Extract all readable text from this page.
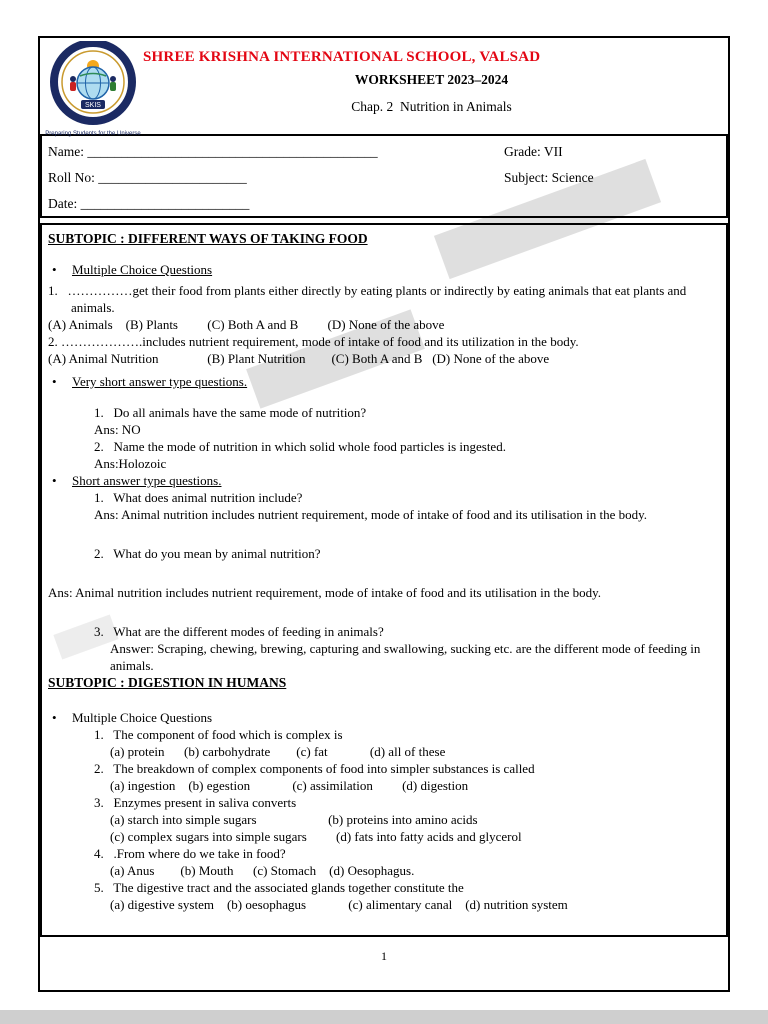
SKIS
Preparing Students for the Universe
SHREE KRISHNA INTERNATIONAL SCHOOL, VALSAD
WORKSHEET 2023–2024
Chap. 2  Nutrition in Animals
Name: ___________________________________________	Grade: VII
Roll No: ______________________	Subject: Science
Date: _________________________
SUBTOPIC : DIFFERENT WAYS OF TAKING FOOD
•	Multiple Choice Questions
1.   ……………get their food from plants either directly by eating plants or indirectly by eating animals that eat plants and animals.
(A) Animals    (B) Plants         (C) Both A and B         (D) None of the above
2. ……………….includes nutrient requirement, mode of intake of food and its utilization in the body.
(A) Animal Nutrition               (B) Plant Nutrition        (C) Both A and B   (D) None of the above
•	Very short answer type questions.
1.   Do all animals have the same mode of nutrition?
Ans: NO
2.   Name the mode of nutrition in which solid whole food particles is ingested.
Ans:Holozoic
•	Short answer type questions.
1.   What does animal nutrition include?
Ans: Animal nutrition includes nutrient requirement, mode of intake of food and its utilisation in the body.
2.   What do you mean by animal nutrition?
Ans: Animal nutrition includes nutrient requirement, mode of intake of food and its utilisation in the body.
3.   What are the different modes of feeding in animals?
Answer: Scraping, chewing, brewing, capturing and swallowing, sucking etc. are the different mode of feeding in animals.
SUBTOPIC : DIGESTION IN HUMANS
•	Multiple Choice Questions
1.   The component of food which is complex is
(a) protein      (b) carbohydrate        (c) fat             (d) all of these
2.   The breakdown of complex components of food into simpler substances is called
(a) ingestion    (b) egestion             (c) assimilation         (d) digestion
3.   Enzymes present in saliva converts
(a) starch into simple sugars                      (b) proteins into amino acids
(c) complex sugars into simple sugars         (d) fats into fatty acids and glycerol
4.   .From where do we take in food?
(a) Anus        (b) Mouth      (c) Stomach    (d) Oesophagus.
5.   The digestive tract and the associated glands together constitute the
(a) digestive system    (b) oesophagus             (c) alimentary canal    (d) nutrition system
1
